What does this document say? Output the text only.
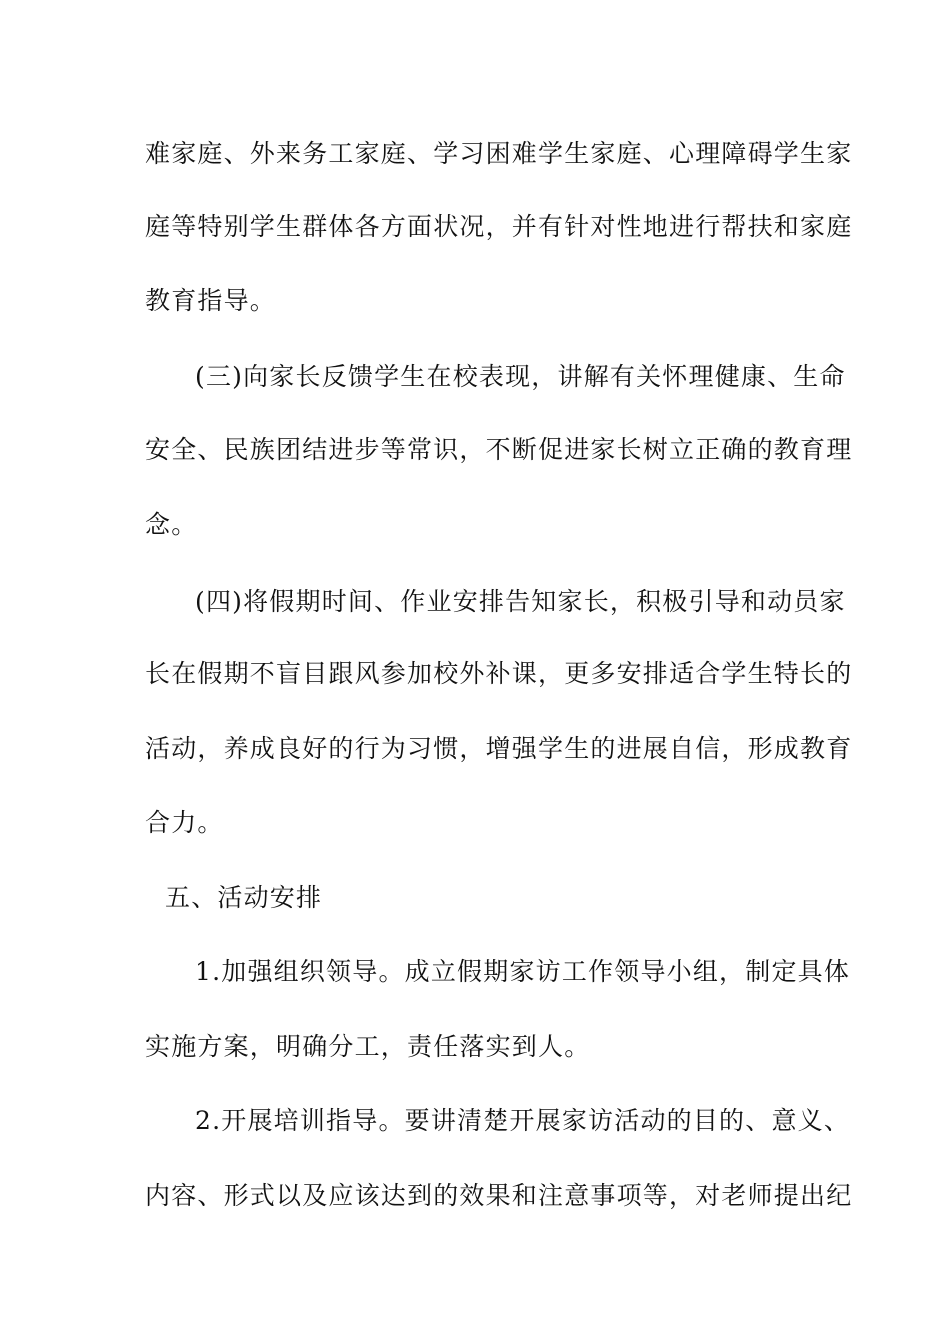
难家庭、外来务工家庭、学习困难学生家庭、心理障碍学生家
庭等特别学生群体各方面状况，并有针对性地进行帮扶和家庭
教育指导。
(三)向家长反馈学生在校表现，讲解有关怀理健康、生命
安全、民族团结进步等常识，不断促进家长树立正确的教育理
念。
(四)将假期时间、作业安排告知家长，积极引导和动员家
长在假期不盲目跟风参加校外补课，更多安排适合学生特长的
活动，养成良好的行为习惯，增强学生的进展自信，形成教育
合力。
五、活动安排
1.加强组织领导。成立假期家访工作领导小组，制定具体
实施方案，明确分工，责任落实到人。
2.开展培训指导。要讲清楚开展家访活动的目的、意义、
内容、形式以及应该达到的效果和注意事项等，对老师提出纪
